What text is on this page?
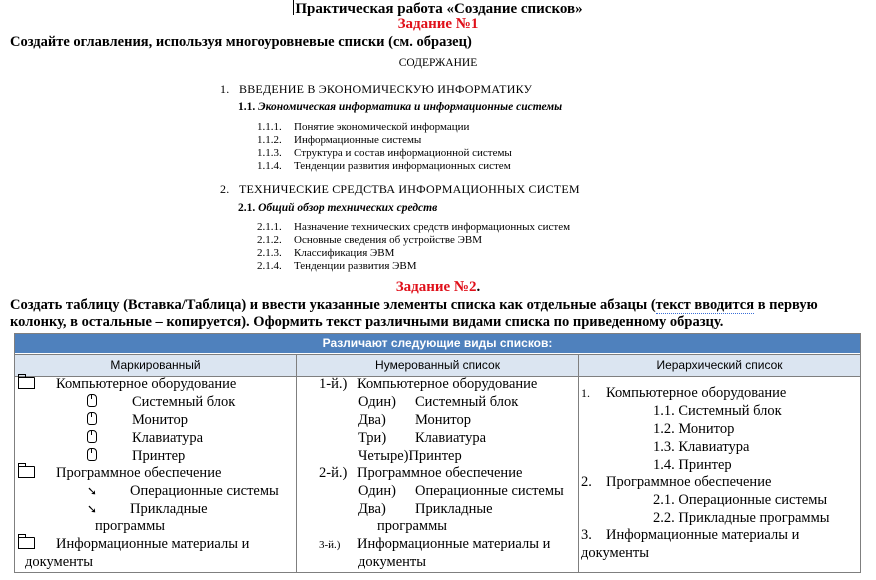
Практическая работа «Создание списков»
Задание №1
Создайте оглавления, используя многоуровневые списки (см. образец)
СОДЕРЖАНИЕ
1. ВВЕДЕНИЕ В ЭКОНОМИЧЕСКУЮ ИНФОРМАТИКУ
1.1. Экономическая информатика и информационные системы
1.1.1. Понятие экономической информации
1.1.2. Информационные системы
1.1.3. Структура и состав информационной системы
1.1.4. Тенденции развития информационных систем
2. ТЕХНИЧЕСКИЕ СРЕДСТВА ИНФОРМАЦИОННЫХ СИСТЕМ
2.1. Общий обзор технических средств
2.1.1. Назначение технических средств информационных систем
2.1.2. Основные сведения об устройстве ЭВМ
2.1.3. Классификация ЭВМ
2.1.4. Тенденции развития ЭВМ
Задание №2.
Создать таблицу (Вставка/Таблица) и ввести указанные элементы списка как отдельные абзацы (текст вводится в первую
колонку, в остальные – копируется). Оформить текст различными видами списка по приведенному образцу.
Различают следующие виды списков:
Маркированный	Нумерованный список	Иерархический список
Компьютерное оборудование
Системный блок
Монитор
Клавиатура
Принтер
Программное обеспечение
➘ Операционные системы
➘ Прикладные
программы
Информационные материалы и
документы
1-й.) Компьютерное оборудование
Один) Системный блок
Два) Монитор
Три) Клавиатура
Четыре)Принтер
2-й.) Программное обеспечение
Один) Операционные системы
Два) Прикладные
программы
3-й.) Информационные материалы и
документы
1. Компьютерное оборудование
1.1. Системный блок
1.2. Монитор
1.3. Клавиатура
1.4. Принтер
2. Программное обеспечение
2.1. Операционные системы
2.2. Прикладные программы
3. Информационные материалы и
документы
